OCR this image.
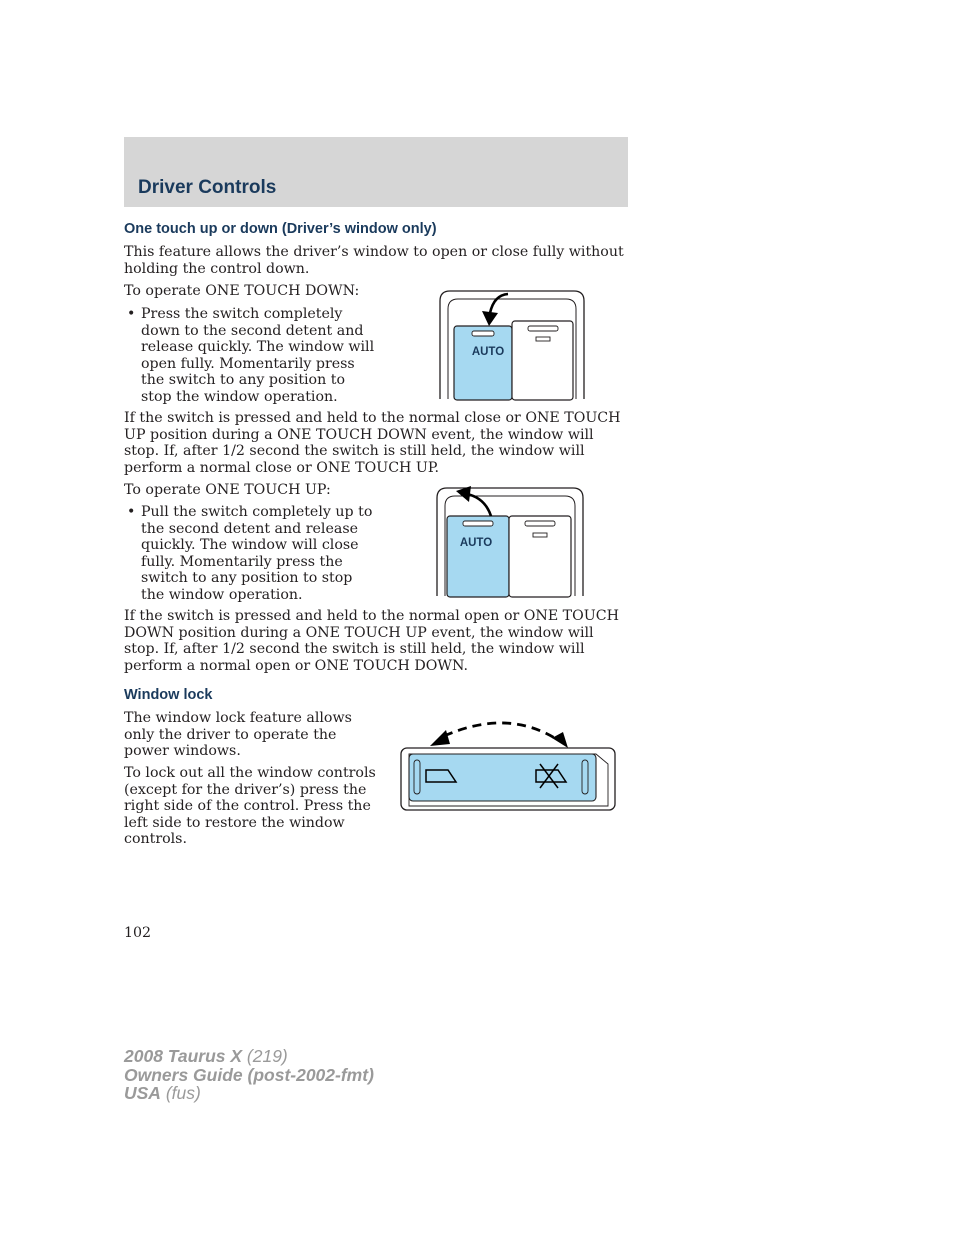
Driver Controls
One touch up or down (Driver’s window only)

This feature allows the driver’s window to open or close fully without holding the control down.

To operate ONE TOUCH DOWN:

• Press the switch completely down to the second detent and release quickly. The window will open fully. Momentarily press the switch to any position to stop the window operation.

AUTO

If the switch is pressed and held to the normal close or ONE TOUCH UP position during a ONE TOUCH DOWN event, the window will stop. If, after 1/2 second the switch is still held, the window will perform a normal close or ONE TOUCH UP.

To operate ONE TOUCH UP:

• Pull the switch completely up to the second detent and release quickly. The window will close fully. Momentarily press the switch to any position to stop the window operation.

AUTO

If the switch is pressed and held to the normal open or ONE TOUCH DOWN position during a ONE TOUCH UP event, the window will stop. If, after 1/2 second the switch is still held, the window will perform a normal open or ONE TOUCH DOWN.

Window lock

The window lock feature allows only the driver to operate the power windows.

To lock out all the window controls (except for the driver’s) press the right side of the control. Press the left side to restore the window controls.

102

2008 Taurus X (219)

Owners Guide (post-2002-fmt)

USA (fus)
